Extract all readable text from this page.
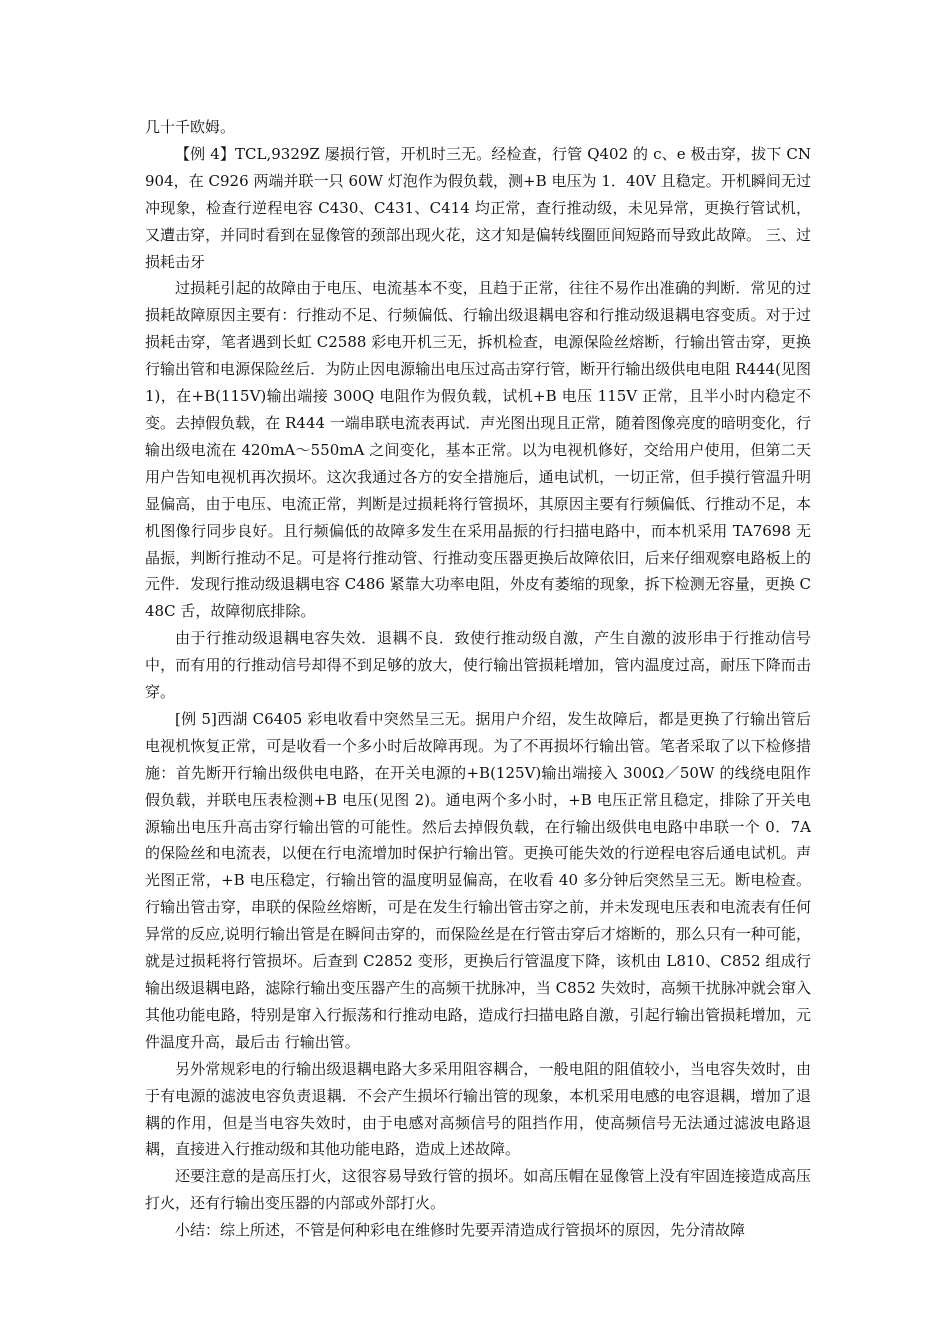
几十千欧姆。

【例 4】TCL,9329Z 屡损行管，开机时三无。经检查，行管 Q402 的 c、e 极击穿，拔下 CN904，在 C926 两端并联一只 60W 灯泡作为假负载，测+B 电压为 1．40V 且稳定。开机瞬间无过冲现象，检查行逆程电容 C430、C431、C414 均正常，查行推动级，未见异常，更换行管试机，又遭击穿，并同时看到在显像管的颈部出现火花，这才知是偏转线圈匝间短路而导致此故障。 三、过损耗击牙

过损耗引起的故障由于电压、电流基本不变，且趋于正常，往往不易作出准确的判断．常见的过损耗故障原因主要有：行推动不足、行频偏低、行输出级退耦电容和行推动级退耦电容变质。对于过损耗击穿，笔者遇到长虹 C2588 彩电开机三无，拆机检查，电源保险丝熔断，行输出管击穿，更换行输出管和电源保险丝后．为防止因电源输出电压过高击穿行管，断开行输出级供电电阻 R444(见图 1)，在+B(115V)输出端接 300Q 电阻作为假负载，试机+B 电压 115V 正常，且半小时内稳定不变。去掉假负载，在 R444 一端串联电流表再试．声光图出现且正常，随着图像亮度的暗明变化，行输出级电流在 420mA～550mA 之间变化，基本正常。以为电视机修好，交给用户使用，但第二天用户告知电视机再次损坏。这次我通过各方的安全措施后，通电试机，一切正常，但手摸行管温升明显偏高，由于电压、电流正常，判断是过损耗将行管损坏，其原因主要有行频偏低、行推动不足，本机图像行同步良好。且行频偏低的故障多发生在采用晶振的行扫描电路中，而本机采用 TA7698 无晶振，判断行推动不足。可是将行推动管、行推动变压器更换后故障依旧，后来仔细观察电路板上的元件．发现行推动级退耦电容 C486 紧靠大功率电阻，外皮有萎缩的现象，拆下检测无容量，更换 C48C 舌，故障彻底排除。

由于行推动级退耦电容失效．退耦不良．致使行推动级自激，产生自激的波形串于行推动信号中，而有用的行推动信号却得不到足够的放大，使行输出管损耗增加，管内温度过高，耐压下降而击穿。

[例 5]西湖 C6405 彩电收看中突然呈三无。据用户介绍，发生故障后，都是更换了行输出管后电视机恢复正常，可是收看一个多小时后故障再现。为了不再损坏行输出管。笔者采取了以下检修措施：首先断开行输出级供电电路，在开关电源的+B(125V)输出端接入 300Ω／50W 的线绕电阻作假负载，并联电压表检测+B 电压(见图 2)。通电两个多小时，+B 电压正常且稳定，排除了开关电源输出电压升高击穿行输出管的可能性。然后去掉假负载，在行输出级供电电路中串联一个 0．7A 的保险丝和电流表，以便在行电流增加时保护行输出管。更换可能失效的行逆程电容后通电试机。声光图正常，+B 电压稳定，行输出管的温度明显偏高，在收看 40 多分钟后突然呈三无。断电检查。行输出管击穿，串联的保险丝熔断，可是在发生行输出管击穿之前，并未发现电压表和电流表有任何异常的反应,说明行输出管是在瞬间击穿的，而保险丝是在行管击穿后才熔断的，那么只有一种可能，就是过损耗将行管损坏。后查到 C2852 变形，更换后行管温度下降，该机由 L810、C852 组成行输出级退耦电路，滤除行输出变压器产生的高频干扰脉冲，当 C852 失效时，高频干扰脉冲就会窜入其他功能电路，特别是窜入行振荡和行推动电路，造成行扫描电路自激，引起行输出管损耗增加，元件温度升高，最后击 行输出管。

另外常规彩电的行输出级退耦电路大多采用阻容耦合，一般电阻的阻值较小，当电容失效时，由于有电源的滤波电容负责退耦．不会产生损坏行输出管的现象，本机采用电感的电容退耦，增加了退耦的作用，但是当电容失效时，由于电感对高频信号的阻挡作用，使高频信号无法通过滤波电路退耦，直接进入行推动级和其他功能电路，造成上述故障。

还要注意的是高压打火，这很容易导致行管的损坏。如高压帽在显像管上没有牢固连接造成高压打火，还有行输出变压器的内部或外部打火。

小结：综上所述，不管是何种彩电在维修时先要弄清造成行管损坏的原因，先分清故障
